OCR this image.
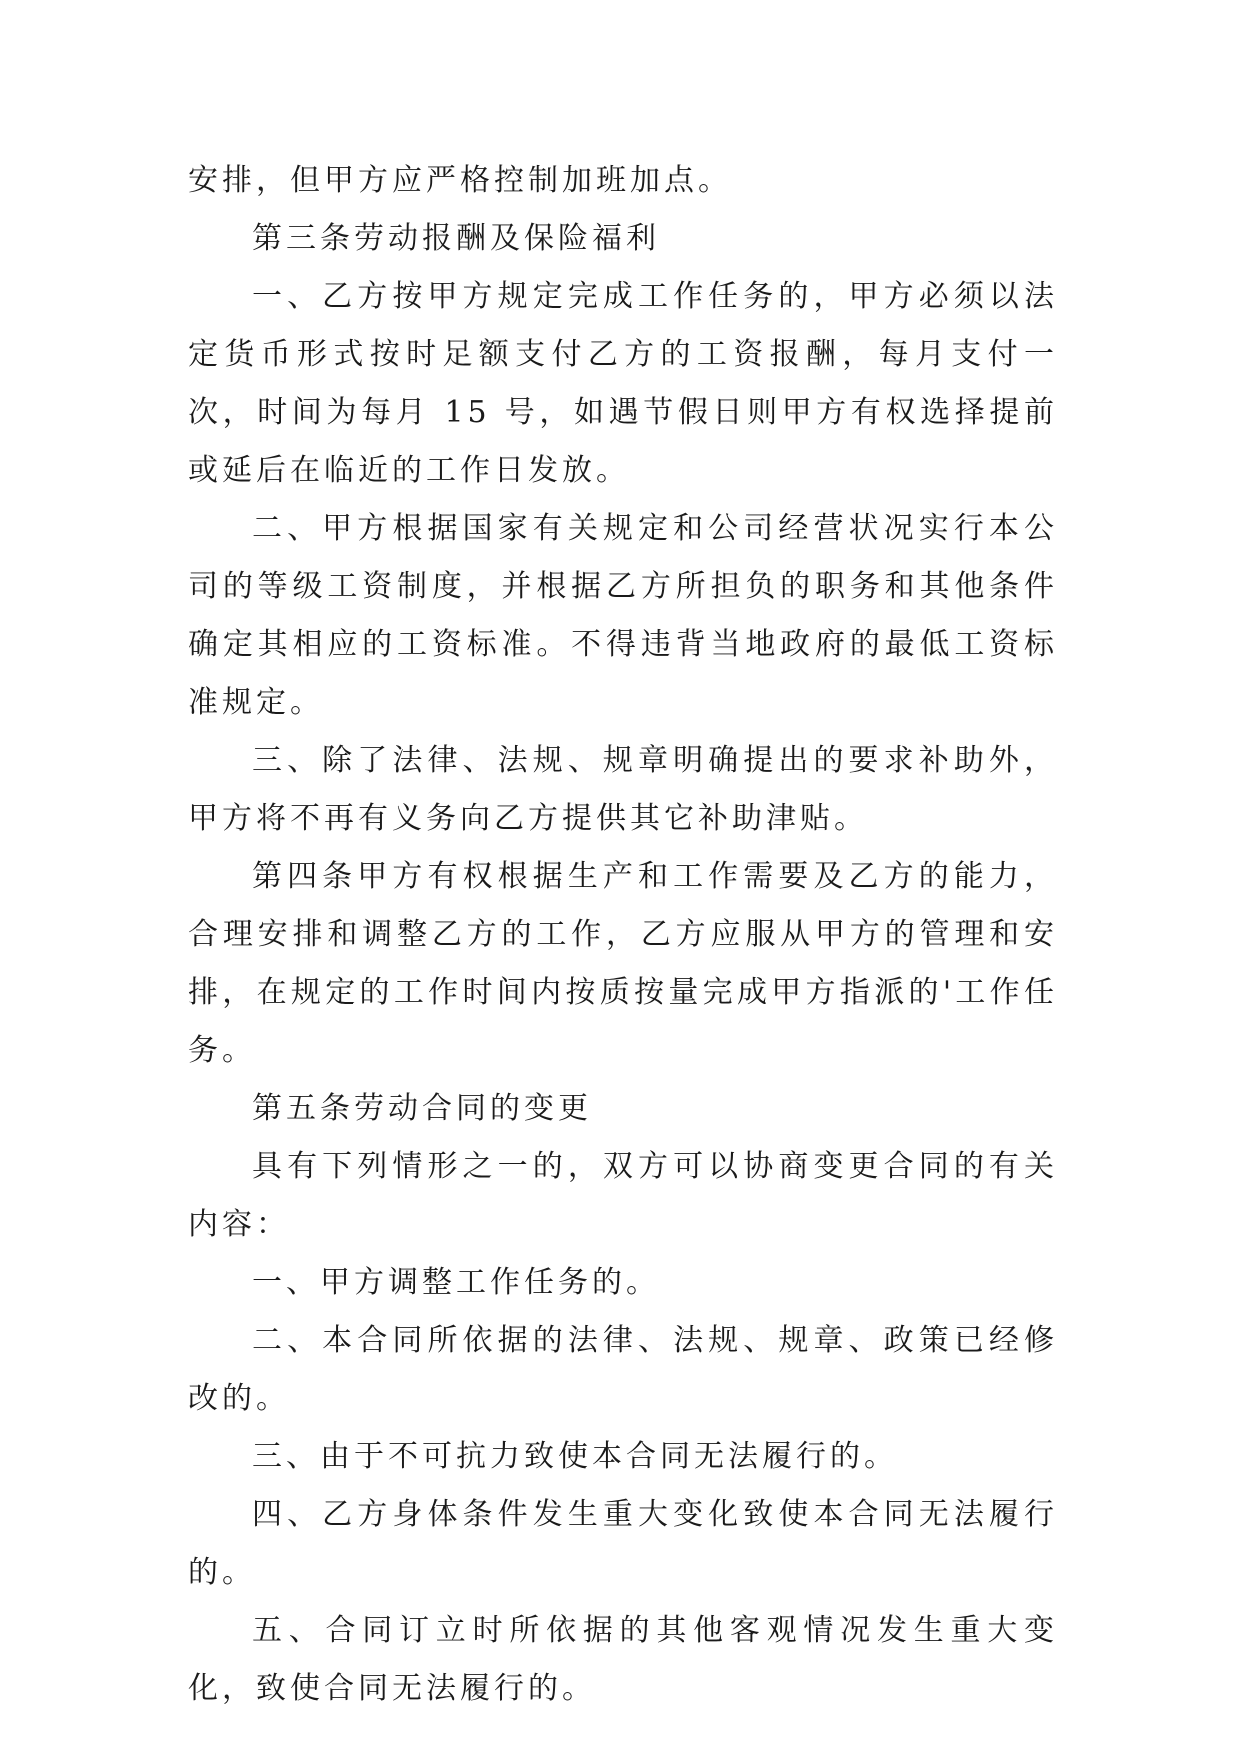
安排，但甲方应严格控制加班加点。

第三条劳动报酬及保险福利

一、乙方按甲方规定完成工作任务的，甲方必须以法定货币形式按时足额支付乙方的工资报酬，每月支付一次，时间为每月 15 号，如遇节假日则甲方有权选择提前或延后在临近的工作日发放。

二、甲方根据国家有关规定和公司经营状况实行本公司的等级工资制度，并根据乙方所担负的职务和其他条件确定其相应的工资标准。不得违背当地政府的最低工资标准规定。

三、除了法律、法规、规章明确提出的要求补助外，甲方将不再有义务向乙方提供其它补助津贴。

第四条甲方有权根据生产和工作需要及乙方的能力，合理安排和调整乙方的工作，乙方应服从甲方的管理和安排，在规定的工作时间内按质按量完成甲方指派的'工作任务。

第五条劳动合同的变更

具有下列情形之一的，双方可以协商变更合同的有关内容：

一、甲方调整工作任务的。

二、本合同所依据的法律、法规、规章、政策已经修改的。

三、由于不可抗力致使本合同无法履行的。

四、乙方身体条件发生重大变化致使本合同无法履行的。

五、合同订立时所依据的其他客观情况发生重大变化，致使合同无法履行的。
